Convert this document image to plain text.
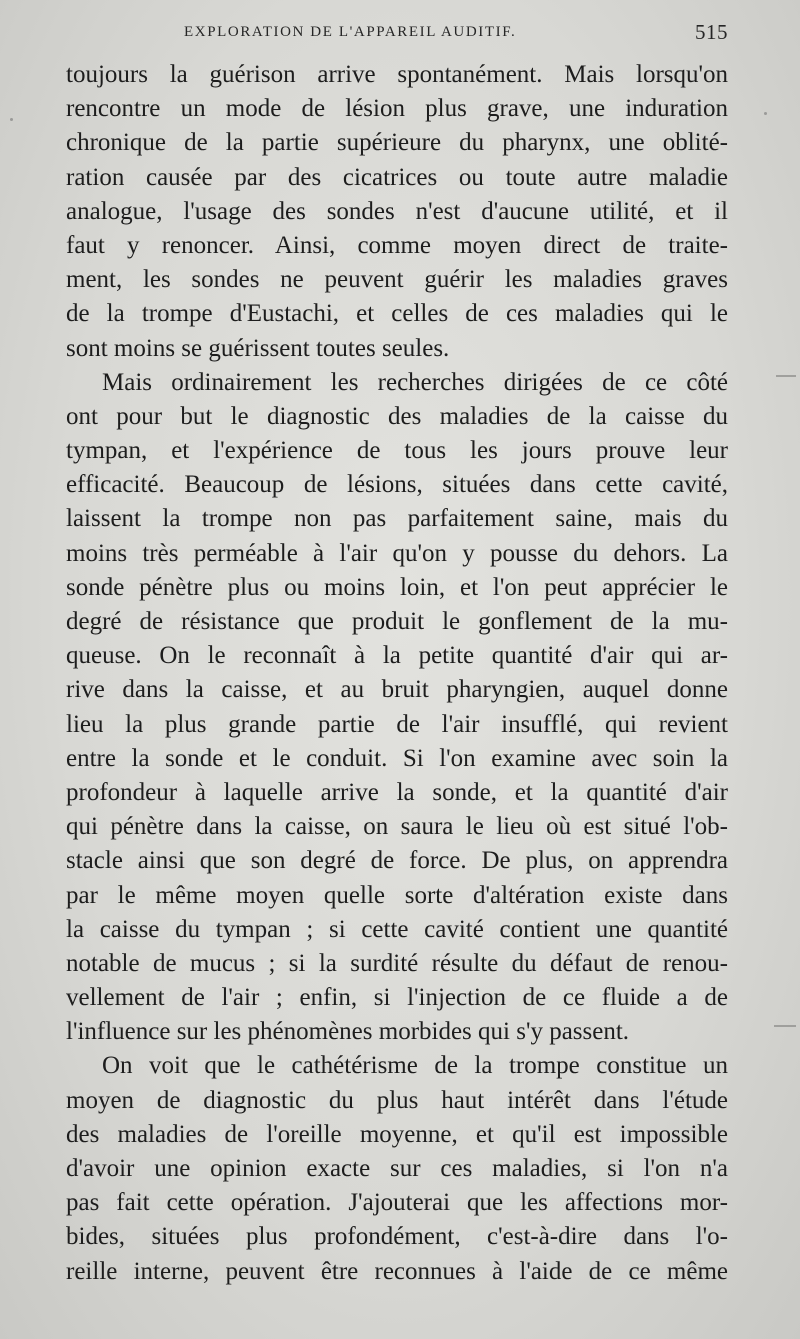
EXPLORATION DE L'APPAREIL AUDITIF.	515
toujours la guérison arrive spontanément. Mais lorsqu'on
rencontre un mode de lésion plus grave, une induration
chronique de la partie supérieure du pharynx, une oblité-
ration causée par des cicatrices ou toute autre maladie
analogue, l'usage des sondes n'est d'aucune utilité, et il
faut y renoncer. Ainsi, comme moyen direct de traite-
ment, les sondes ne peuvent guérir les maladies graves
de la trompe d'Eustachi, et celles de ces maladies qui le
sont moins se guérissent toutes seules.
Mais ordinairement les recherches dirigées de ce côté
ont pour but le diagnostic des maladies de la caisse du
tympan, et l'expérience de tous les jours prouve leur
efficacité. Beaucoup de lésions, situées dans cette cavité,
laissent la trompe non pas parfaitement saine, mais du
moins très perméable à l'air qu'on y pousse du dehors. La
sonde pénètre plus ou moins loin, et l'on peut apprécier le
degré de résistance que produit le gonflement de la mu-
queuse. On le reconnaît à la petite quantité d'air qui ar-
rive dans la caisse, et au bruit pharyngien, auquel donne
lieu la plus grande partie de l'air insufflé, qui revient
entre la sonde et le conduit. Si l'on examine avec soin la
profondeur à laquelle arrive la sonde, et la quantité d'air
qui pénètre dans la caisse, on saura le lieu où est situé l'ob-
stacle ainsi que son degré de force. De plus, on apprendra
par le même moyen quelle sorte d'altération existe dans
la caisse du tympan ; si cette cavité contient une quantité
notable de mucus ; si la surdité résulte du défaut de renou-
vellement de l'air ; enfin, si l'injection de ce fluide a de
l'influence sur les phénomènes morbides qui s'y passent.
On voit que le cathétérisme de la trompe constitue un
moyen de diagnostic du plus haut intérêt dans l'étude
des maladies de l'oreille moyenne, et qu'il est impossible
d'avoir une opinion exacte sur ces maladies, si l'on n'a
pas fait cette opération. J'ajouterai que les affections mor-
bides, situées plus profondément, c'est-à-dire dans l'o-
reille interne, peuvent être reconnues à l'aide de ce même
